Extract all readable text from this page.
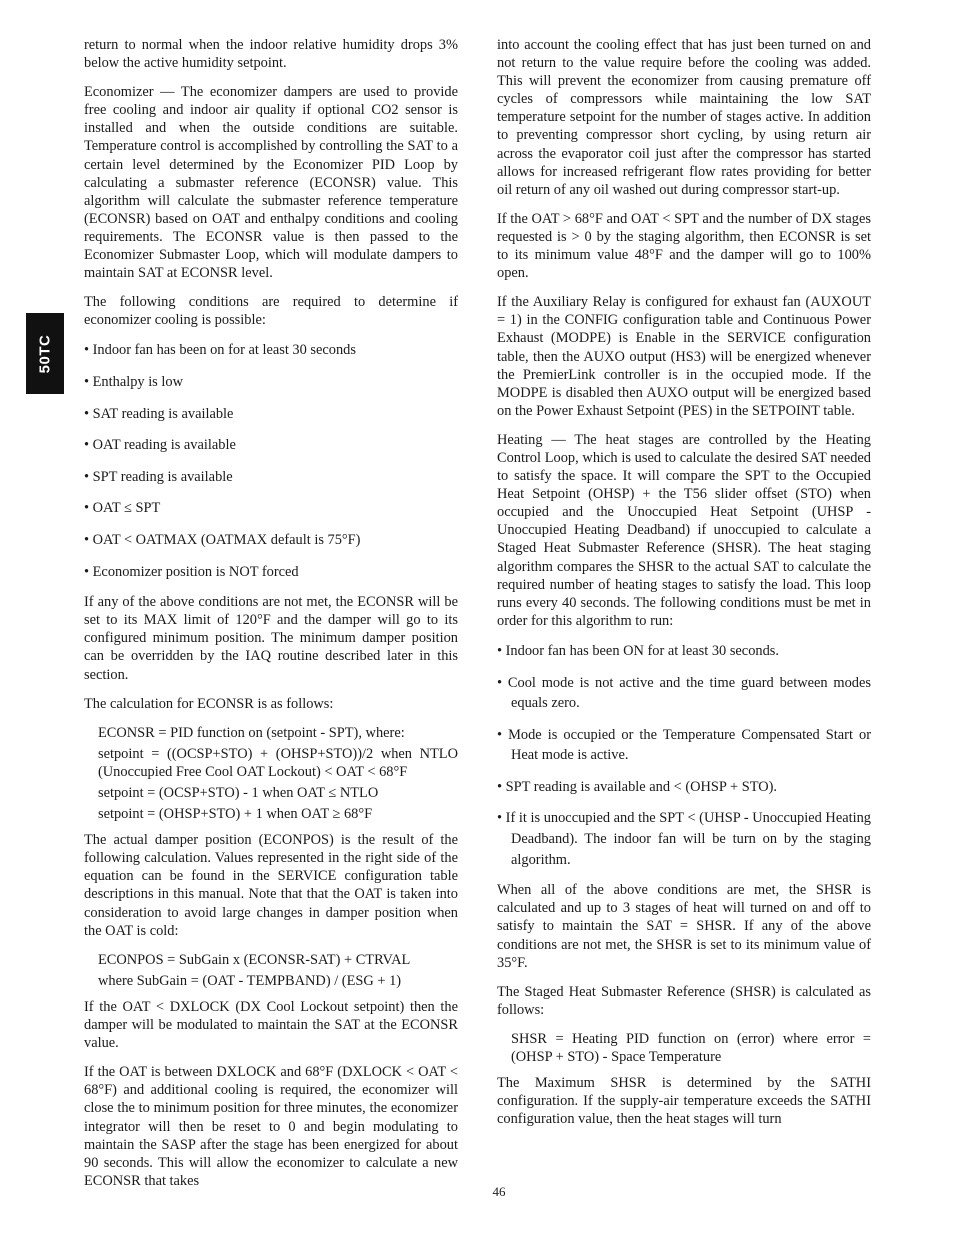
50TC

return to normal when the indoor relative humidity drops 3% below the active humidity setpoint.

Economizer — The economizer dampers are used to provide free cooling and indoor air quality if optional CO2 sensor is installed and when the outside conditions are suitable. Temperature control is accomplished by controlling the SAT to a certain level determined by the Economizer PID Loop by calculating a submaster reference (ECONSR) value. This algorithm will calculate the submaster reference temperature (ECONSR) based on OAT and enthalpy conditions and cooling requirements. The ECONSR value is then passed to the Economizer Submaster Loop, which will modulate dampers to maintain SAT at ECONSR level.

The following conditions are required to determine if economizer cooling is possible:

• Indoor fan has been on for at least 30 seconds

• Enthalpy is low

• SAT reading is available

• OAT reading is available

• SPT reading is available

• OAT ≤ SPT

• OAT < OATMAX (OATMAX default is 75°F)

• Economizer position is NOT forced

If any of the above conditions are not met, the ECONSR will be set to its MAX limit of 120°F and the damper will go to its configured minimum position. The minimum damper position can be overridden by the IAQ routine described later in this section.

The calculation for ECONSR is as follows:

ECONSR = PID function on (setpoint - SPT), where:

setpoint = ((OCSP+STO) + (OHSP+STO))/2 when NTLO (Unoccupied Free Cool OAT Lockout) < OAT < 68°F

setpoint = (OCSP+STO) - 1 when OAT ≤ NTLO

setpoint = (OHSP+STO) + 1 when OAT ≥ 68°F

The actual damper position (ECONPOS) is the result of the following calculation. Values represented in the right side of the equation can be found in the SERVICE configuration table descriptions in this manual. Note that that the OAT is taken into consideration to avoid large changes in damper position when the OAT is cold:

ECONPOS = SubGain x (ECONSR-SAT) + CTRVAL

where SubGain = (OAT - TEMPBAND) / (ESG + 1)

If the OAT < DXLOCK (DX Cool Lockout setpoint) then the damper will be modulated to maintain the SAT at the ECONSR value.

If the OAT is between DXLOCK and 68°F (DXLOCK < OAT < 68°F) and additional cooling is required, the economizer will close the to minimum position for three minutes, the economizer integrator will then be reset to 0 and begin modulating to maintain the SASP after the stage has been energized for about 90 seconds. This will allow the economizer to calculate a new ECONSR that takes

into account the cooling effect that has just been turned on and not return to the value require before the cooling was added. This will prevent the economizer from causing premature off cycles of compressors while maintaining the low SAT temperature setpoint for the number of stages active. In addition to preventing compressor short cycling, by using return air across the evaporator coil just after the compressor has started allows for increased refrigerant flow rates providing for better oil return of any oil washed out during compressor start-up.

If the OAT > 68°F and OAT < SPT and the number of DX stages requested is > 0 by the staging algorithm, then ECONSR is set to its minimum value 48°F and the damper will go to 100% open.

If the Auxiliary Relay is configured for exhaust fan (AUXOUT = 1) in the CONFIG configuration table and Continuous Power Exhaust (MODPE) is Enable in the SERVICE configuration table, then the AUXO output (HS3) will be energized whenever the PremierLink controller is in the occupied mode. If the MODPE is disabled then AUXO output will be energized based on the Power Exhaust Setpoint (PES) in the SETPOINT table.

Heating — The heat stages are controlled by the Heating Control Loop, which is used to calculate the desired SAT needed to satisfy the space. It will compare the SPT to the Occupied Heat Setpoint (OHSP) + the T56 slider offset (STO) when occupied and the Unoccupied Heat Setpoint (UHSP - Unoccupied Heating Deadband) if unoccupied to calculate a Staged Heat Submaster Reference (SHSR). The heat staging algorithm compares the SHSR to the actual SAT to calculate the required number of heating stages to satisfy the load. This loop runs every 40 seconds. The following conditions must be met in order for this algorithm to run:

• Indoor fan has been ON for at least 30 seconds.

• Cool mode is not active and the time guard between modes equals zero.

• Mode is occupied or the Temperature Compensated Start or Heat mode is active.

• SPT reading is available and < (OHSP + STO).

• If it is unoccupied and the SPT < (UHSP - Unoccupied Heating Deadband). The indoor fan will be turn on by the staging algorithm.

When all of the above conditions are met, the SHSR is calculated and up to 3 stages of heat will turned on and off to satisfy to maintain the SAT = SHSR. If any of the above conditions are not met, the SHSR is set to its minimum value of 35°F.

The Staged Heat Submaster Reference (SHSR) is calculated as follows:

SHSR = Heating PID function on (error) where error = (OHSP + STO) - Space Temperature

The Maximum SHSR is determined by the SATHI configuration. If the supply-air temperature exceeds the SATHI configuration value, then the heat stages will turn

46
